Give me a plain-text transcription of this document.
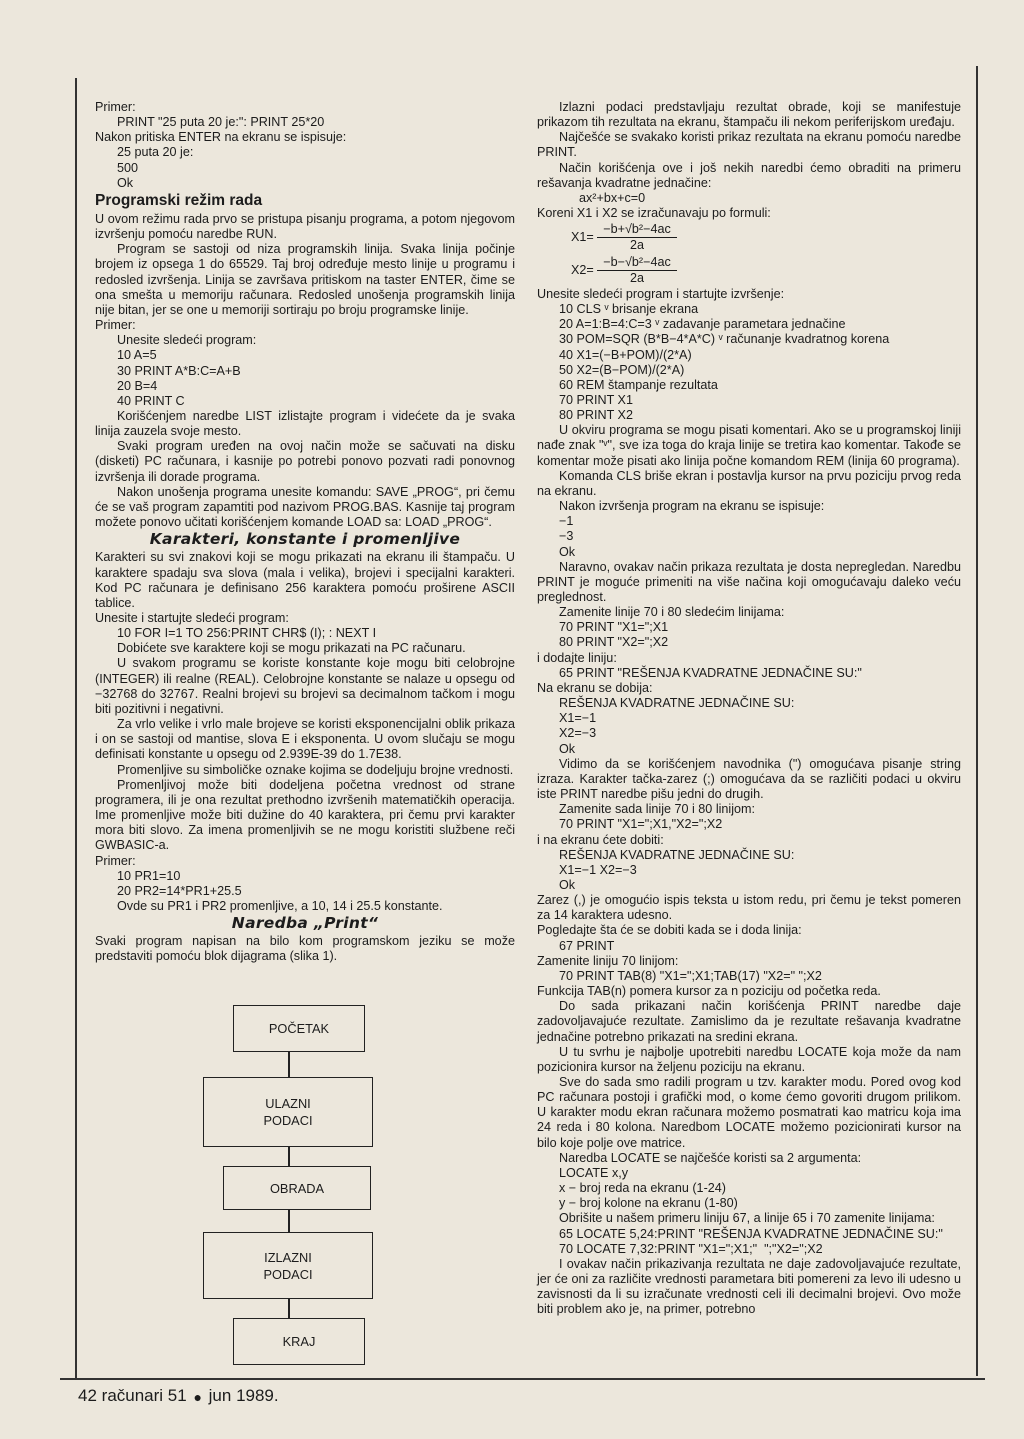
Primer:

PRINT "25 puta 20 je:": PRINT 25*20

Nakon pritiska ENTER na ekranu se ispisuje:

25 puta 20 je:

500

Ok

Programski režim rada

U ovom režimu rada prvo se pristupa pisanju programa, a potom njegovom izvršenju pomoću naredbe RUN.

Program se sastoji od niza programskih linija. Svaka linija počinje brojem iz opsega 1 do 65529. Taj broj određuje mesto linije u programu i redosled izvršenja. Linija se završava pritiskom na taster ENTER, čime se ona smešta u memoriju računara. Redosled unošenja programskih linija nije bitan, jer se one u memoriji sortiraju po broju programske linije.

Primer:

Unesite sledeći program:

10 A=5

30 PRINT A*B:C=A+B

20 B=4

40 PRINT C

Korišćenjem naredbe LIST izlistajte program i videćete da je svaka linija zauzela svoje mesto.

Svaki program uređen na ovoj način može se sačuvati na disku (disketi) PC računara, i kasnije po potrebi ponovo pozvati radi ponovnog izvršenja ili dorade programa.

Nakon unošenja programa unesite komandu: SAVE „PROG“, pri čemu će se vaš program zapamtiti pod nazivom PROG.BAS. Kasnije taj program možete ponovo učitati korišćenjem komande LOAD sa: LOAD „PROG“.

Karakteri, konstante i promenljive

Karakteri su svi znakovi koji se mogu prikazati na ekranu ili štampaču. U karaktere spadaju sva slova (mala i velika), brojevi i specijalni karakteri. Kod PC računara je definisano 256 karaktera pomoću proširene ASCII tablice.

Unesite i startujte sledeći program:

10 FOR I=1 TO 256:PRINT CHR$ (I); : NEXT I

Dobićete sve karaktere koji se mogu prikazati na PC računaru.

U svakom programu se koriste konstante koje mogu biti celobrojne (INTEGER) ili realne (REAL). Celobrojne konstante se nalaze u opsegu od −32768 do 32767. Realni brojevi su brojevi sa decimalnom tačkom i mogu biti pozitivni i negativni.

Za vrlo velike i vrlo male brojeve se koristi eksponencijalni oblik prikaza i on se sastoji od mantise, slova E i eksponenta. U ovom slučaju se mogu definisati konstante u opsegu od 2.939E-39 do 1.7E38.

Promenljive su simboličke oznake kojima se dodeljuju brojne vrednosti.

Promenljivoj može biti dodeljena početna vrednost od strane programera, ili je ona rezultat prethodno izvršenih matematičkih operacija. Ime promenljive može biti dužine do 40 karaktera, pri čemu prvi karakter mora biti slovo. Za imena promenljivih se ne mogu koristiti službene reči GWBASIC-a.

Primer:

10 PR1=10

20 PR2=14*PR1+25.5

Ovde su PR1 i PR2 promenljive, a 10, 14 i 25.5 konstante.

Naredba „Print“

Svaki program napisan na bilo kom programskom jeziku se može predstaviti pomoću blok dijagrama (slika 1).

POČETAK
ULAZNI
PODACI
OBRADA
IZLAZNI
PODACI
KRAJ

Izlazni podaci predstavljaju rezultat obrade, koji se manifestuje prikazom tih rezultata na ekranu, štampaču ili nekom periferijskom uređaju.

Najčešće se svakako koristi prikaz rezultata na ekranu pomoću naredbe PRINT.

Način korišćenja ove i još nekih naredbi ćemo obraditi na primeru rešavanja kvadratne jednačine:

ax²+bx+c=0

Koreni X1 i X2 se izračunavaju po formuli:

$X1= \frac{\text{−b+√b²−4ac}}{2a}$
$X2= \frac{\text{−b−√b²−4ac}}{2a}$

Unesite sledeći program i startujte izvršenje:

10 CLS ᵛ brisanje ekrana

20 A=1:B=4:C=3 ᵛ zadavanje parametara jednačine

30 POM=SQR (B*B−4*A*C) ᵛ računanje kvadratnog korena

40 X1=(−B+POM)/(2*A)

50 X2=(B−POM)/(2*A)

60 REM štampanje rezultata

70 PRINT X1

80 PRINT X2

U okviru programa se mogu pisati komentari. Ako se u programskoj liniji nađe znak "ᵛ", sve iza toga do kraja linije se tretira kao komentar. Takođe se komentar može pisati ako linija počne komandom REM (linija 60 programa).

Komanda CLS briše ekran i postavlja kursor na prvu poziciju prvog reda na ekranu.

Nakon izvršenja program na ekranu se ispisuje:

−1

−3

Ok

Naravno, ovakav način prikaza rezultata je dosta nepregledan. Naredbu PRINT je moguće primeniti na više načina koji omogućavaju daleko veću preglednost.

Zamenite linije 70 i 80 sledećim linijama:

70 PRINT "X1=";X1

80 PRINT "X2=";X2

i dodajte liniju:

65 PRINT "REŠENJA KVADRATNE JEDNAČINE SU:"

Na ekranu se dobija:

REŠENJA KVADRATNE JEDNAČINE SU:

X1=−1

X2=−3

Ok

Vidimo da se korišćenjem navodnika (") omogućava pisanje string izraza. Karakter tačka-zarez (;) omogućava da se različiti podaci u okviru iste PRINT naredbe pišu jedni do drugih.

Zamenite sada linije 70 i 80 linijom:

70 PRINT "X1=";X1,"X2=";X2

i na ekranu ćete dobiti:

REŠENJA KVADRATNE JEDNAČINE SU:

X1=−1 X2=−3

Ok

Zarez (,) je omogućio ispis teksta u istom redu, pri čemu je tekst pomeren za 14 karaktera udesno.

Pogledajte šta će se dobiti kada se i doda linija:

67 PRINT

Zamenite liniju 70 linijom:

70 PRINT TAB(8) "X1=";X1;TAB(17) "X2=" ";X2

Funkcija TAB(n) pomera kursor za n poziciju od početka reda.

Do sada prikazani način korišćenja PRINT naredbe daje zadovoljavajuće rezultate. Zamislimo da je rezultate rešavanja kvadratne jednačine potrebno prikazati na sredini ekrana.

U tu svrhu je najbolje upotrebiti naredbu LOCATE koja može da nam pozicionira kursor na željenu poziciju na ekranu.

Sve do sada smo radili program u tzv. karakter modu. Pored ovog kod PC računara postoji i grafički mod, o kome ćemo govoriti drugom prilikom. U karakter modu ekran računara možemo posmatrati kao matricu koja ima 24 reda i 80 kolona. Naredbom LOCATE možemo pozicionirati kursor na bilo koje polje ove matrice.

Naredba LOCATE se najčešće koristi sa 2 argumenta:

LOCATE x,y

x − broj reda na ekranu (1-24)

y − broj kolone na ekranu (1-80)

Obrišite u našem primeru liniju 67, a linije 65 i 70 zamenite linijama:

65 LOCATE 5,24:PRINT "REŠENJA KVADRATNE JEDNAČINE SU:"

70 LOCATE 7,32:PRINT "X1=";X1;"  ";"X2=";X2

I ovakav način prikazivanja rezultata ne daje zadovoljavajuće rezultate, jer će oni za različite vrednosti parametara biti pomereni za levo ili udesno u zavisnosti da li su izračunate vrednosti celi ili decimalni brojevi. Ovo može biti problem ako je, na primer, potrebno

42 računari 51 ● jun 1989.
